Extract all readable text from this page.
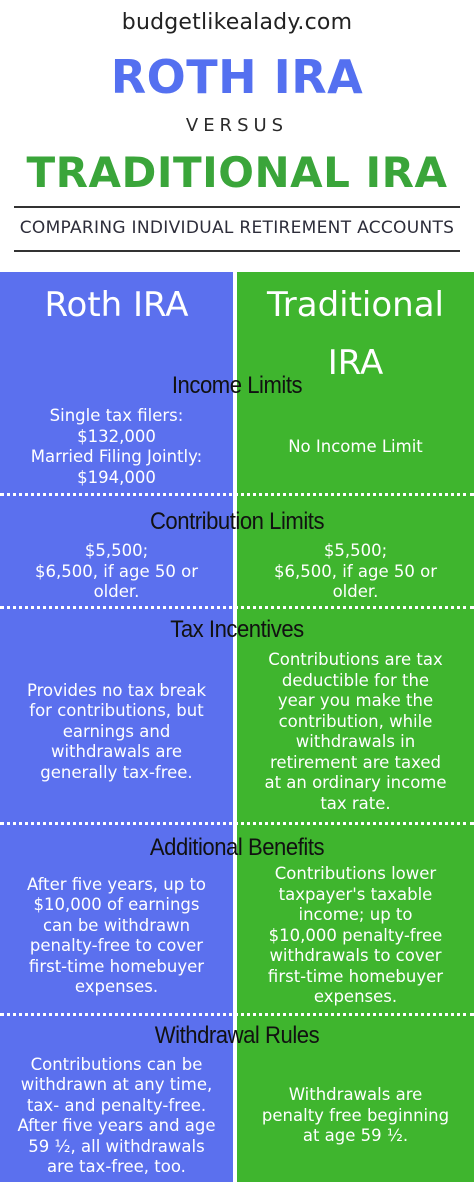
budgetlikealady.com
ROTH IRA
VERSUS
TRADITIONAL IRA
COMPARING INDIVIDUAL RETIREMENT ACCOUNTS
Roth IRA	Traditional
IRA
Income Limits
Single tax filers:
$132,000
Married Filing Jointly:
$194,000
No Income Limit
Contribution Limits
$5,500;
$6,500, if age 50 or
older.
$5,500;
$6,500, if age 50 or
older.
Tax Incentives
Provides no tax break
for contributions, but
earnings and
withdrawals are
generally tax-free.
Contributions are tax
deductible for the
year you make the
contribution, while
withdrawals in
retirement are taxed
at an ordinary income
tax rate.
Additional Benefits
After five years, up to
$10,000 of earnings
can be withdrawn
penalty-free to cover
first-time homebuyer
expenses.
Contributions lower
taxpayer's taxable
income; up to
$10,000 penalty-free
withdrawals to cover
first-time homebuyer
expenses.
Withdrawal Rules
Contributions can be
withdrawn at any time,
tax- and penalty-free.
After five years and age
59 ½, all withdrawals
are tax-free, too.
Withdrawals are
penalty free beginning
at age 59 ½.
